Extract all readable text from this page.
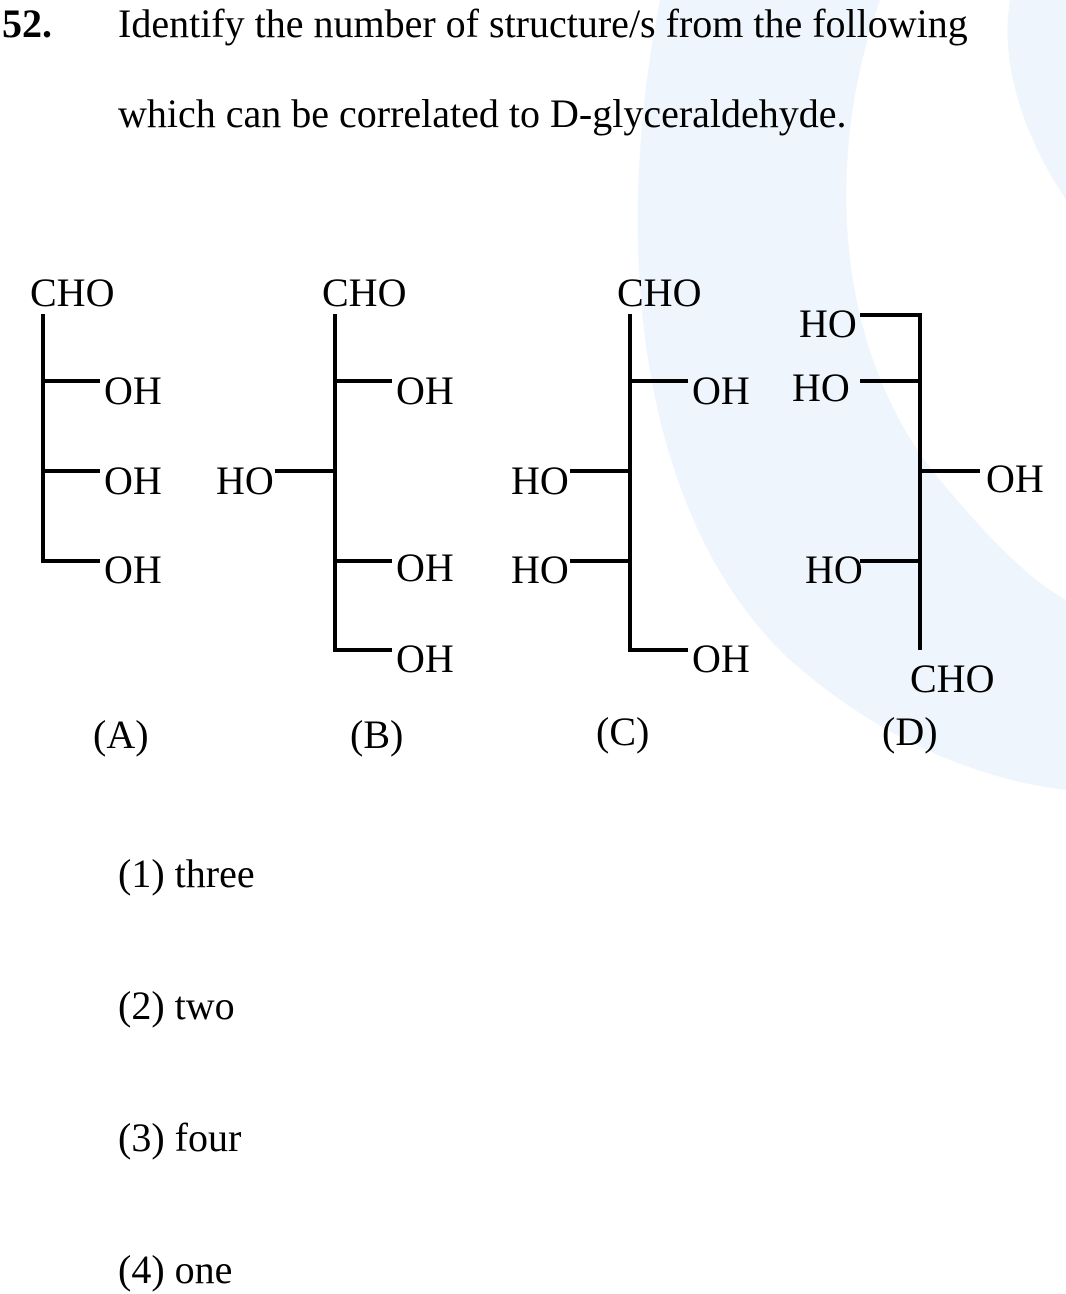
52. Identify the number of structure/s from the following
which can be correlated to D-glyceraldehyde.
CHO
OH
OH
OH
(A)
CHO
OH
HO
OH
OH
(B)
CHO
OH
HO
HO
OH
(C)
HO
HO
OH
HO
CHO
(D)
(1) three
(2) two
(3) four
(4) one
